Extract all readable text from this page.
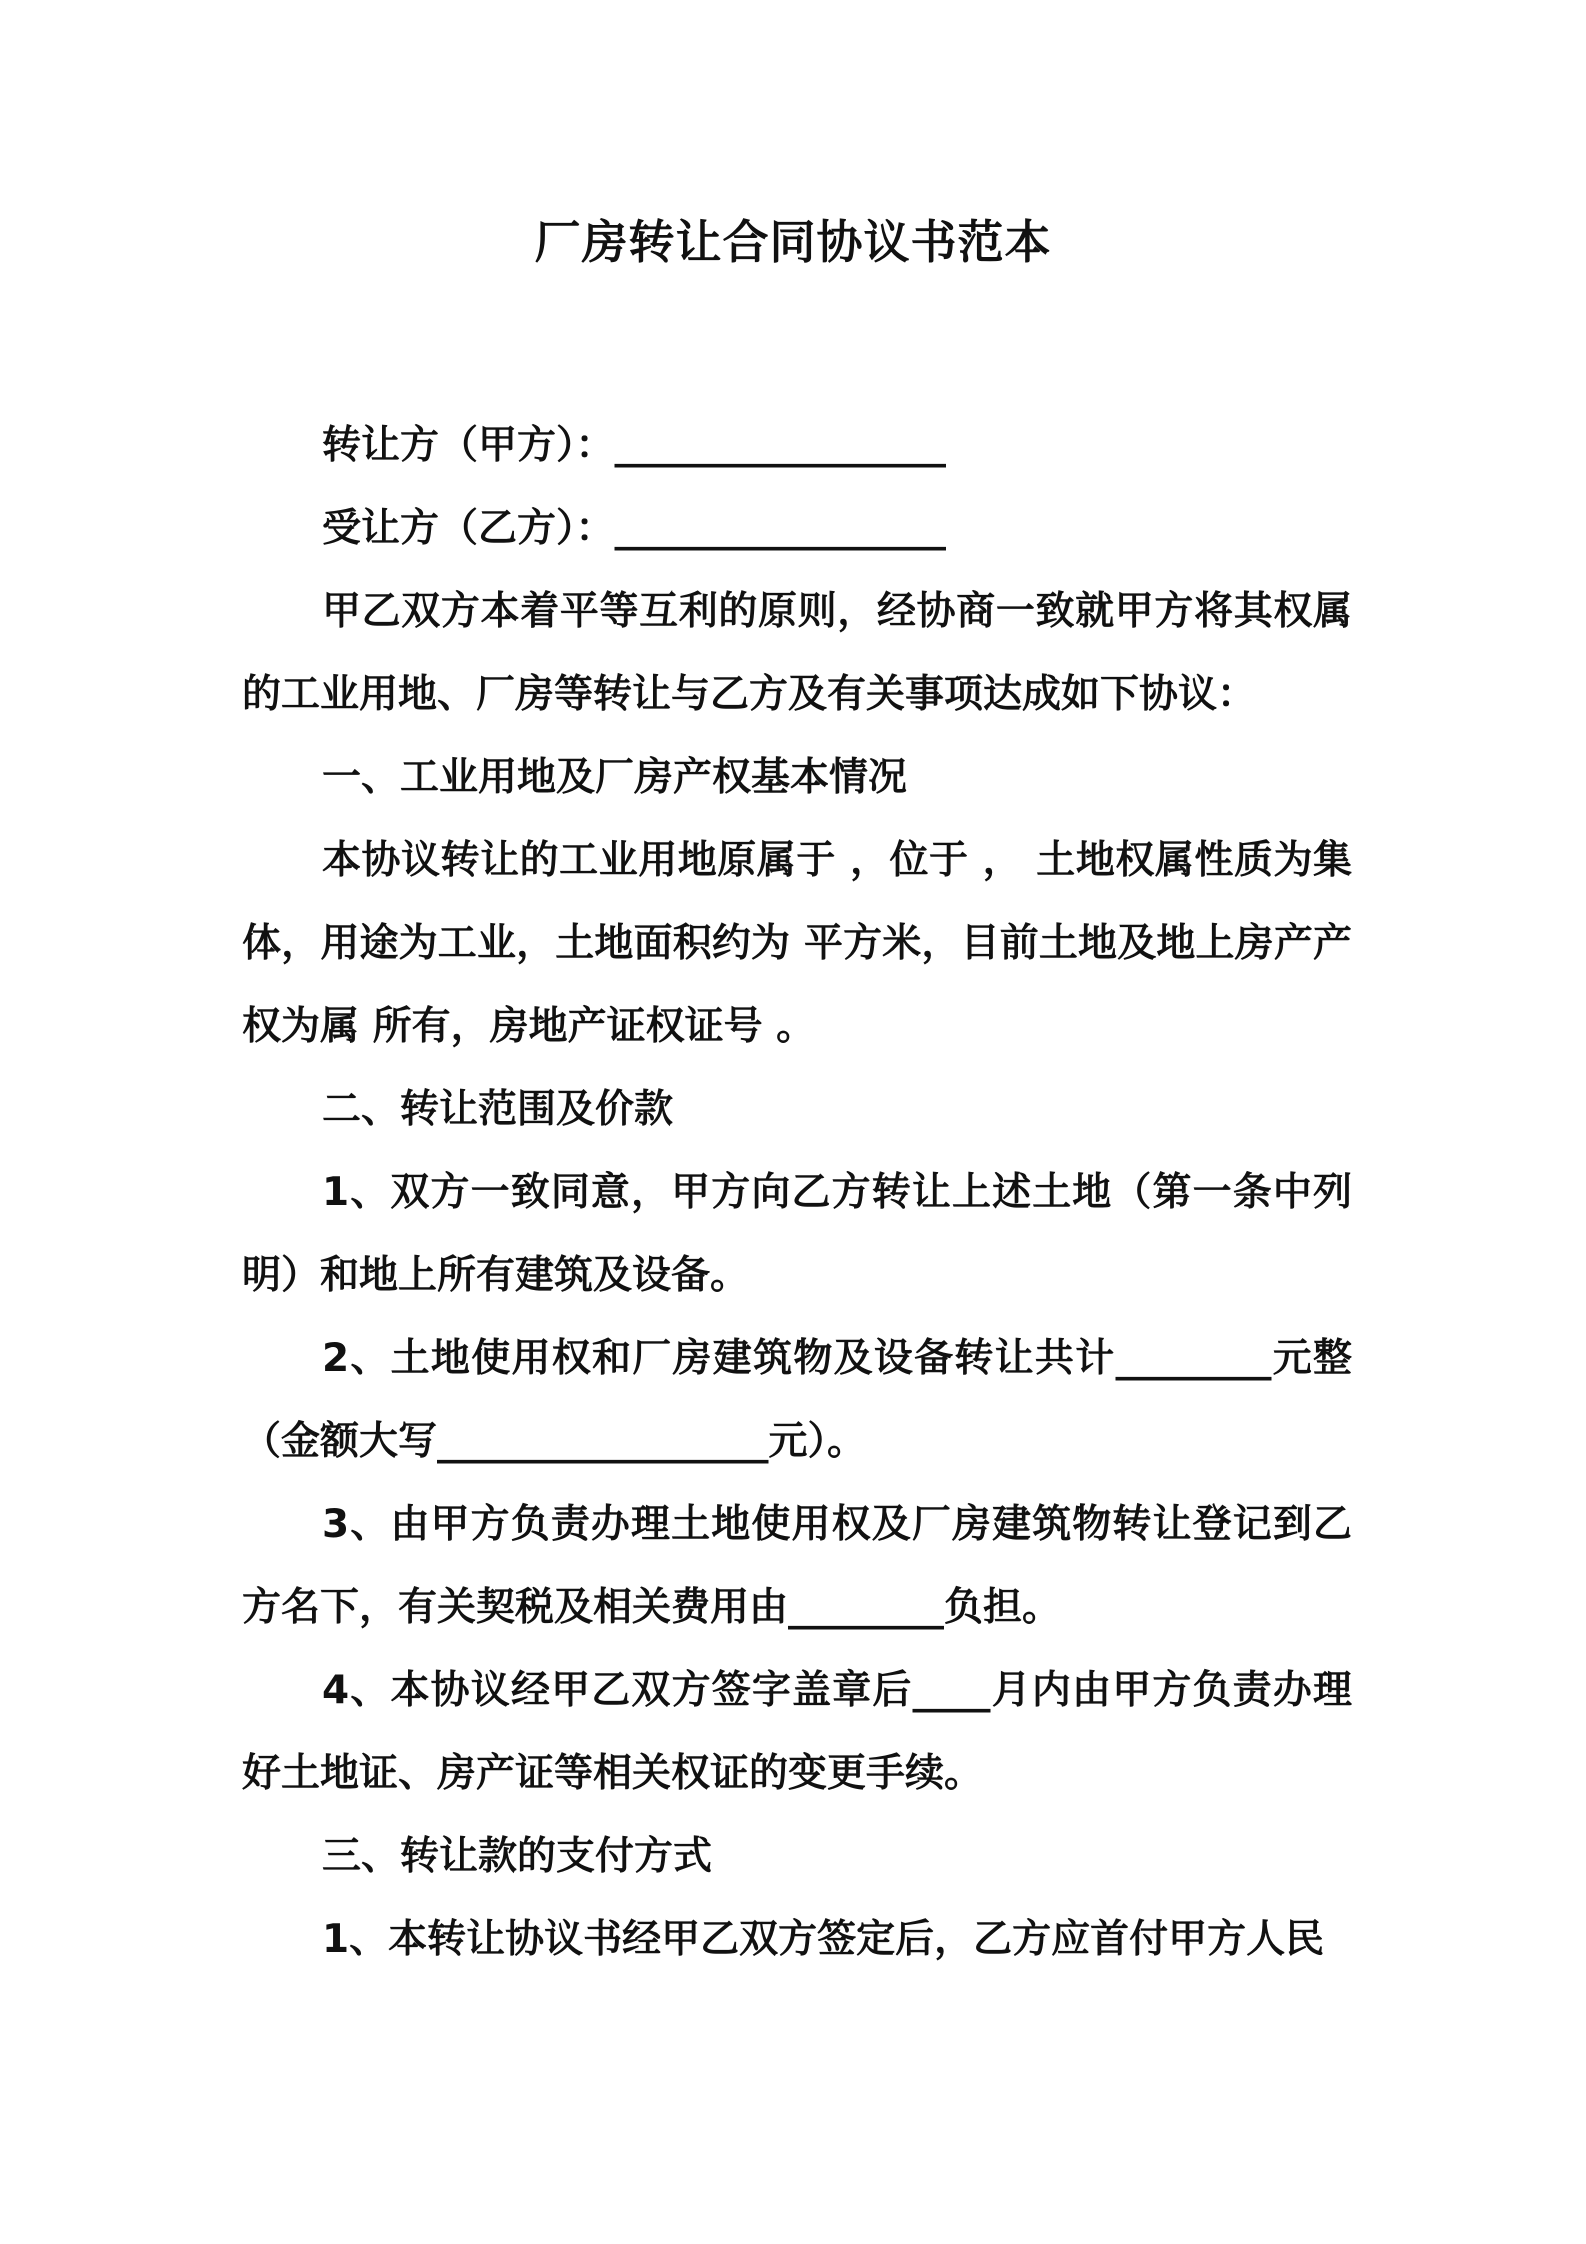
厂房转让合同协议书范本

转让方（甲方）：_________________

受让方（乙方）：_________________

甲乙双方本着平等互利的原则，经协商一致就甲方将其权属的工业用地、厂房等转让与乙方及有关事项达成如下协议：

一、工业用地及厂房产权基本情况

本协议转让的工业用地原属于 ，位于 ， 土地权属性质为集体，用途为工业，土地面积约为 平方米，目前土地及地上房产产权为属 所有，房地产证权证号 。

二、转让范围及价款

1、双方一致同意，甲方向乙方转让上述土地（第一条中列明）和地上所有建筑及设备。

2、土地使用权和厂房建筑物及设备转让共计________元整（金额大写_________________元）。

3、由甲方负责办理土地使用权及厂房建筑物转让登记到乙方名下，有关契税及相关费用由________负担。

4、本协议经甲乙双方签字盖章后____月内由甲方负责办理好土地证、房产证等相关权证的变更手续。

三、转让款的支付方式

1、本转让协议书经甲乙双方签定后，乙方应首付甲方人民
